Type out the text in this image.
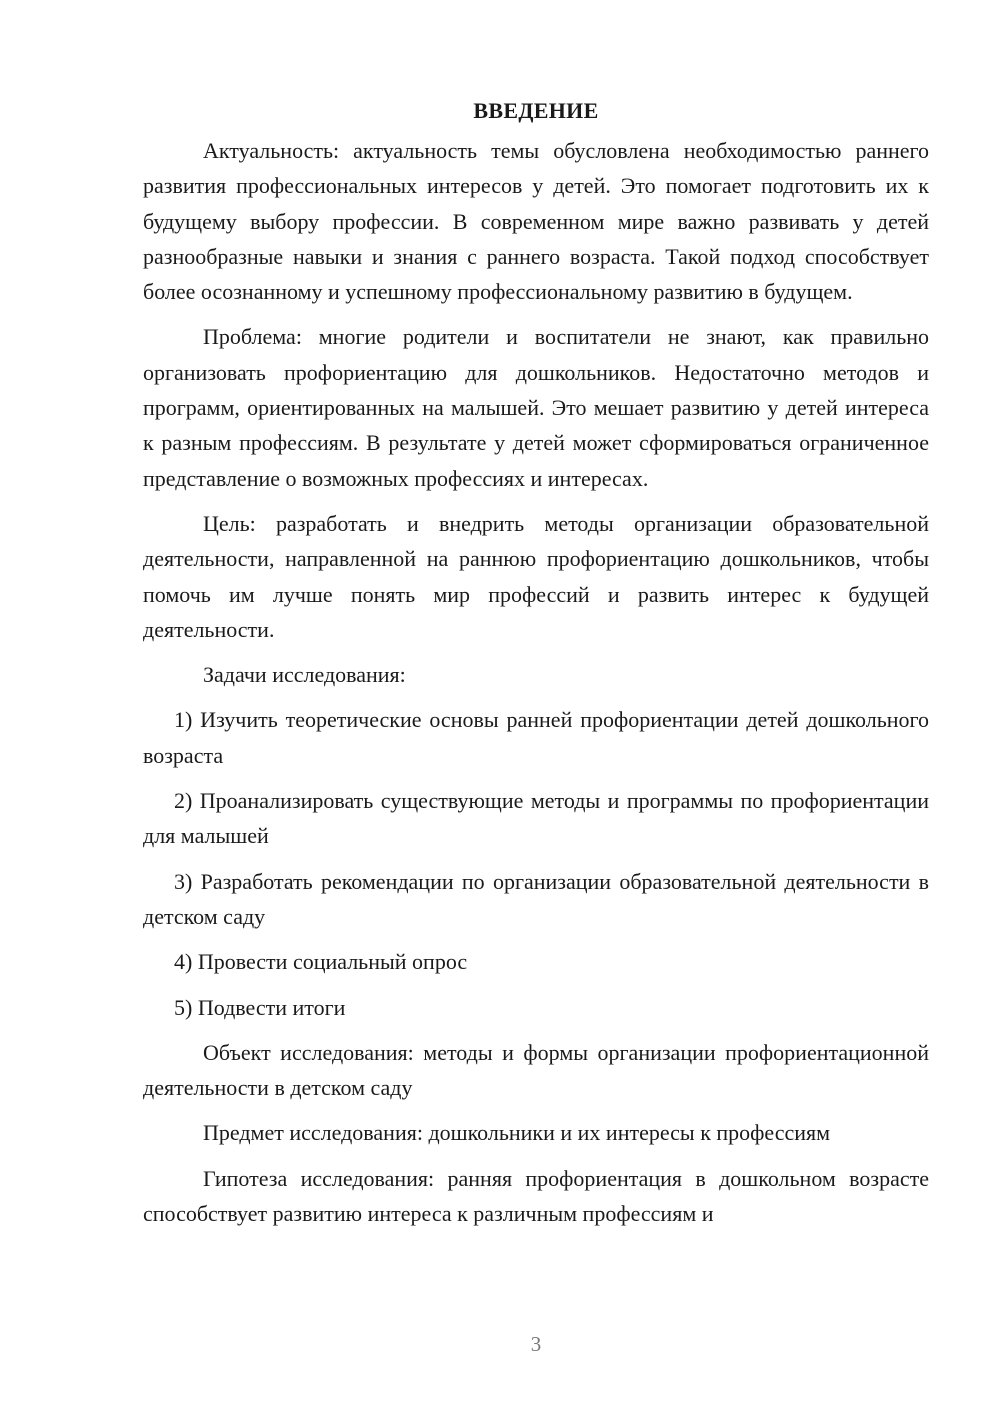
ВВЕДЕНИЕ

Актуальность: актуальность темы обусловлена необходимостью раннего развития профессиональных интересов у детей. Это помогает подготовить их к будущему выбору профессии. В современном мире важно развивать у детей разнообразные навыки и знания с раннего возраста. Такой подход способствует более осознанному и успешному профессиональному развитию в будущем.

Проблема: многие родители и воспитатели не знают, как правильно организовать профориентацию для дошкольников. Недостаточно методов и программ, ориентированных на малышей. Это мешает развитию у детей интереса к разным профессиям. В результате у детей может сформироваться ограниченное представление о возможных профессиях и интересах.

Цель: разработать и внедрить методы организации образовательной деятельности, направленной на раннюю профориентацию дошкольников, чтобы помочь им лучше понять мир профессий и развить интерес к будущей деятельности.

Задачи исследования:

1) Изучить теоретические основы ранней профориентации детей дошкольного возраста

2) Проанализировать существующие методы и программы по профориентации для малышей

3) Разработать рекомендации по организации образовательной деятельности в детском саду

4) Провести социальный опрос

5) Подвести итоги

Объект исследования: методы и формы организации профориентационной деятельности в детском саду

Предмет исследования: дошкольники и их интересы к профессиям

Гипотеза исследования: ранняя профориентация в дошкольном возрасте способствует развитию интереса к различным профессиям и

3
